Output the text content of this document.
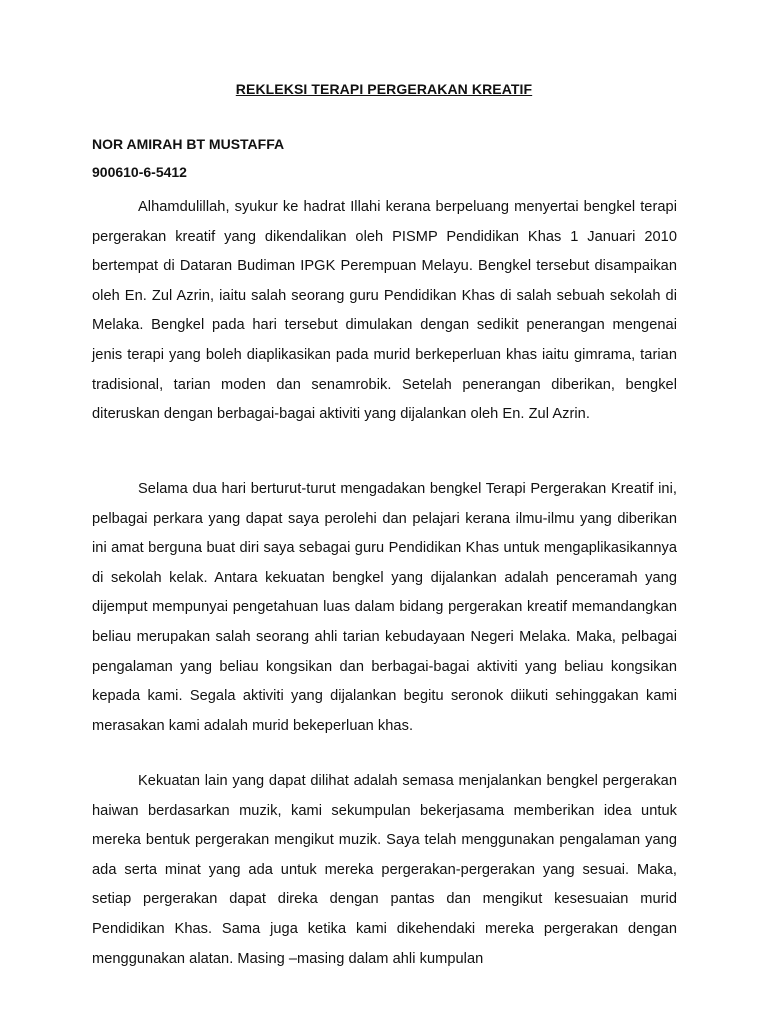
REKLEKSI TERAPI PERGERAKAN KREATIF
NOR AMIRAH BT MUSTAFFA
900610-6-5412

Alhamdulillah, syukur ke hadrat Illahi kerana berpeluang menyertai bengkel terapi pergerakan kreatif yang dikendalikan oleh PISMP Pendidikan Khas 1 Januari 2010 bertempat di Dataran Budiman IPGK Perempuan Melayu. Bengkel tersebut disampaikan oleh En. Zul Azrin, iaitu salah seorang guru Pendidikan Khas di salah sebuah sekolah di Melaka. Bengkel pada hari tersebut dimulakan dengan sedikit penerangan mengenai jenis terapi yang boleh diaplikasikan pada murid berkeperluan khas iaitu gimrama, tarian tradisional, tarian moden dan senamrobik. Setelah penerangan diberikan, bengkel diteruskan dengan berbagai-bagai aktiviti yang dijalankan oleh En. Zul Azrin.

Selama dua hari berturut-turut mengadakan bengkel Terapi Pergerakan Kreatif ini, pelbagai perkara yang dapat saya perolehi dan pelajari kerana ilmu-ilmu yang diberikan ini amat berguna buat diri saya sebagai guru Pendidikan Khas untuk mengaplikasikannya di sekolah kelak. Antara kekuatan bengkel yang dijalankan adalah penceramah yang dijemput mempunyai pengetahuan luas dalam bidang pergerakan kreatif memandangkan beliau merupakan salah seorang ahli tarian kebudayaan Negeri Melaka. Maka, pelbagai pengalaman yang beliau kongsikan dan berbagai-bagai aktiviti yang beliau kongsikan kepada kami. Segala aktiviti yang dijalankan begitu seronok diikuti sehinggakan kami merasakan kami adalah murid bekeperluan khas.

Kekuatan lain yang dapat dilihat adalah semasa menjalankan bengkel pergerakan haiwan berdasarkan muzik, kami sekumpulan bekerjasama memberikan idea untuk mereka bentuk pergerakan mengikut muzik. Saya telah menggunakan pengalaman yang ada serta minat yang ada untuk mereka pergerakan-pergerakan yang sesuai. Maka, setiap pergerakan dapat direka dengan pantas dan mengikut kesesuaian murid Pendidikan Khas. Sama juga ketika kami dikehendaki mereka pergerakan dengan menggunakan alatan. Masing –masing dalam ahli kumpulan
